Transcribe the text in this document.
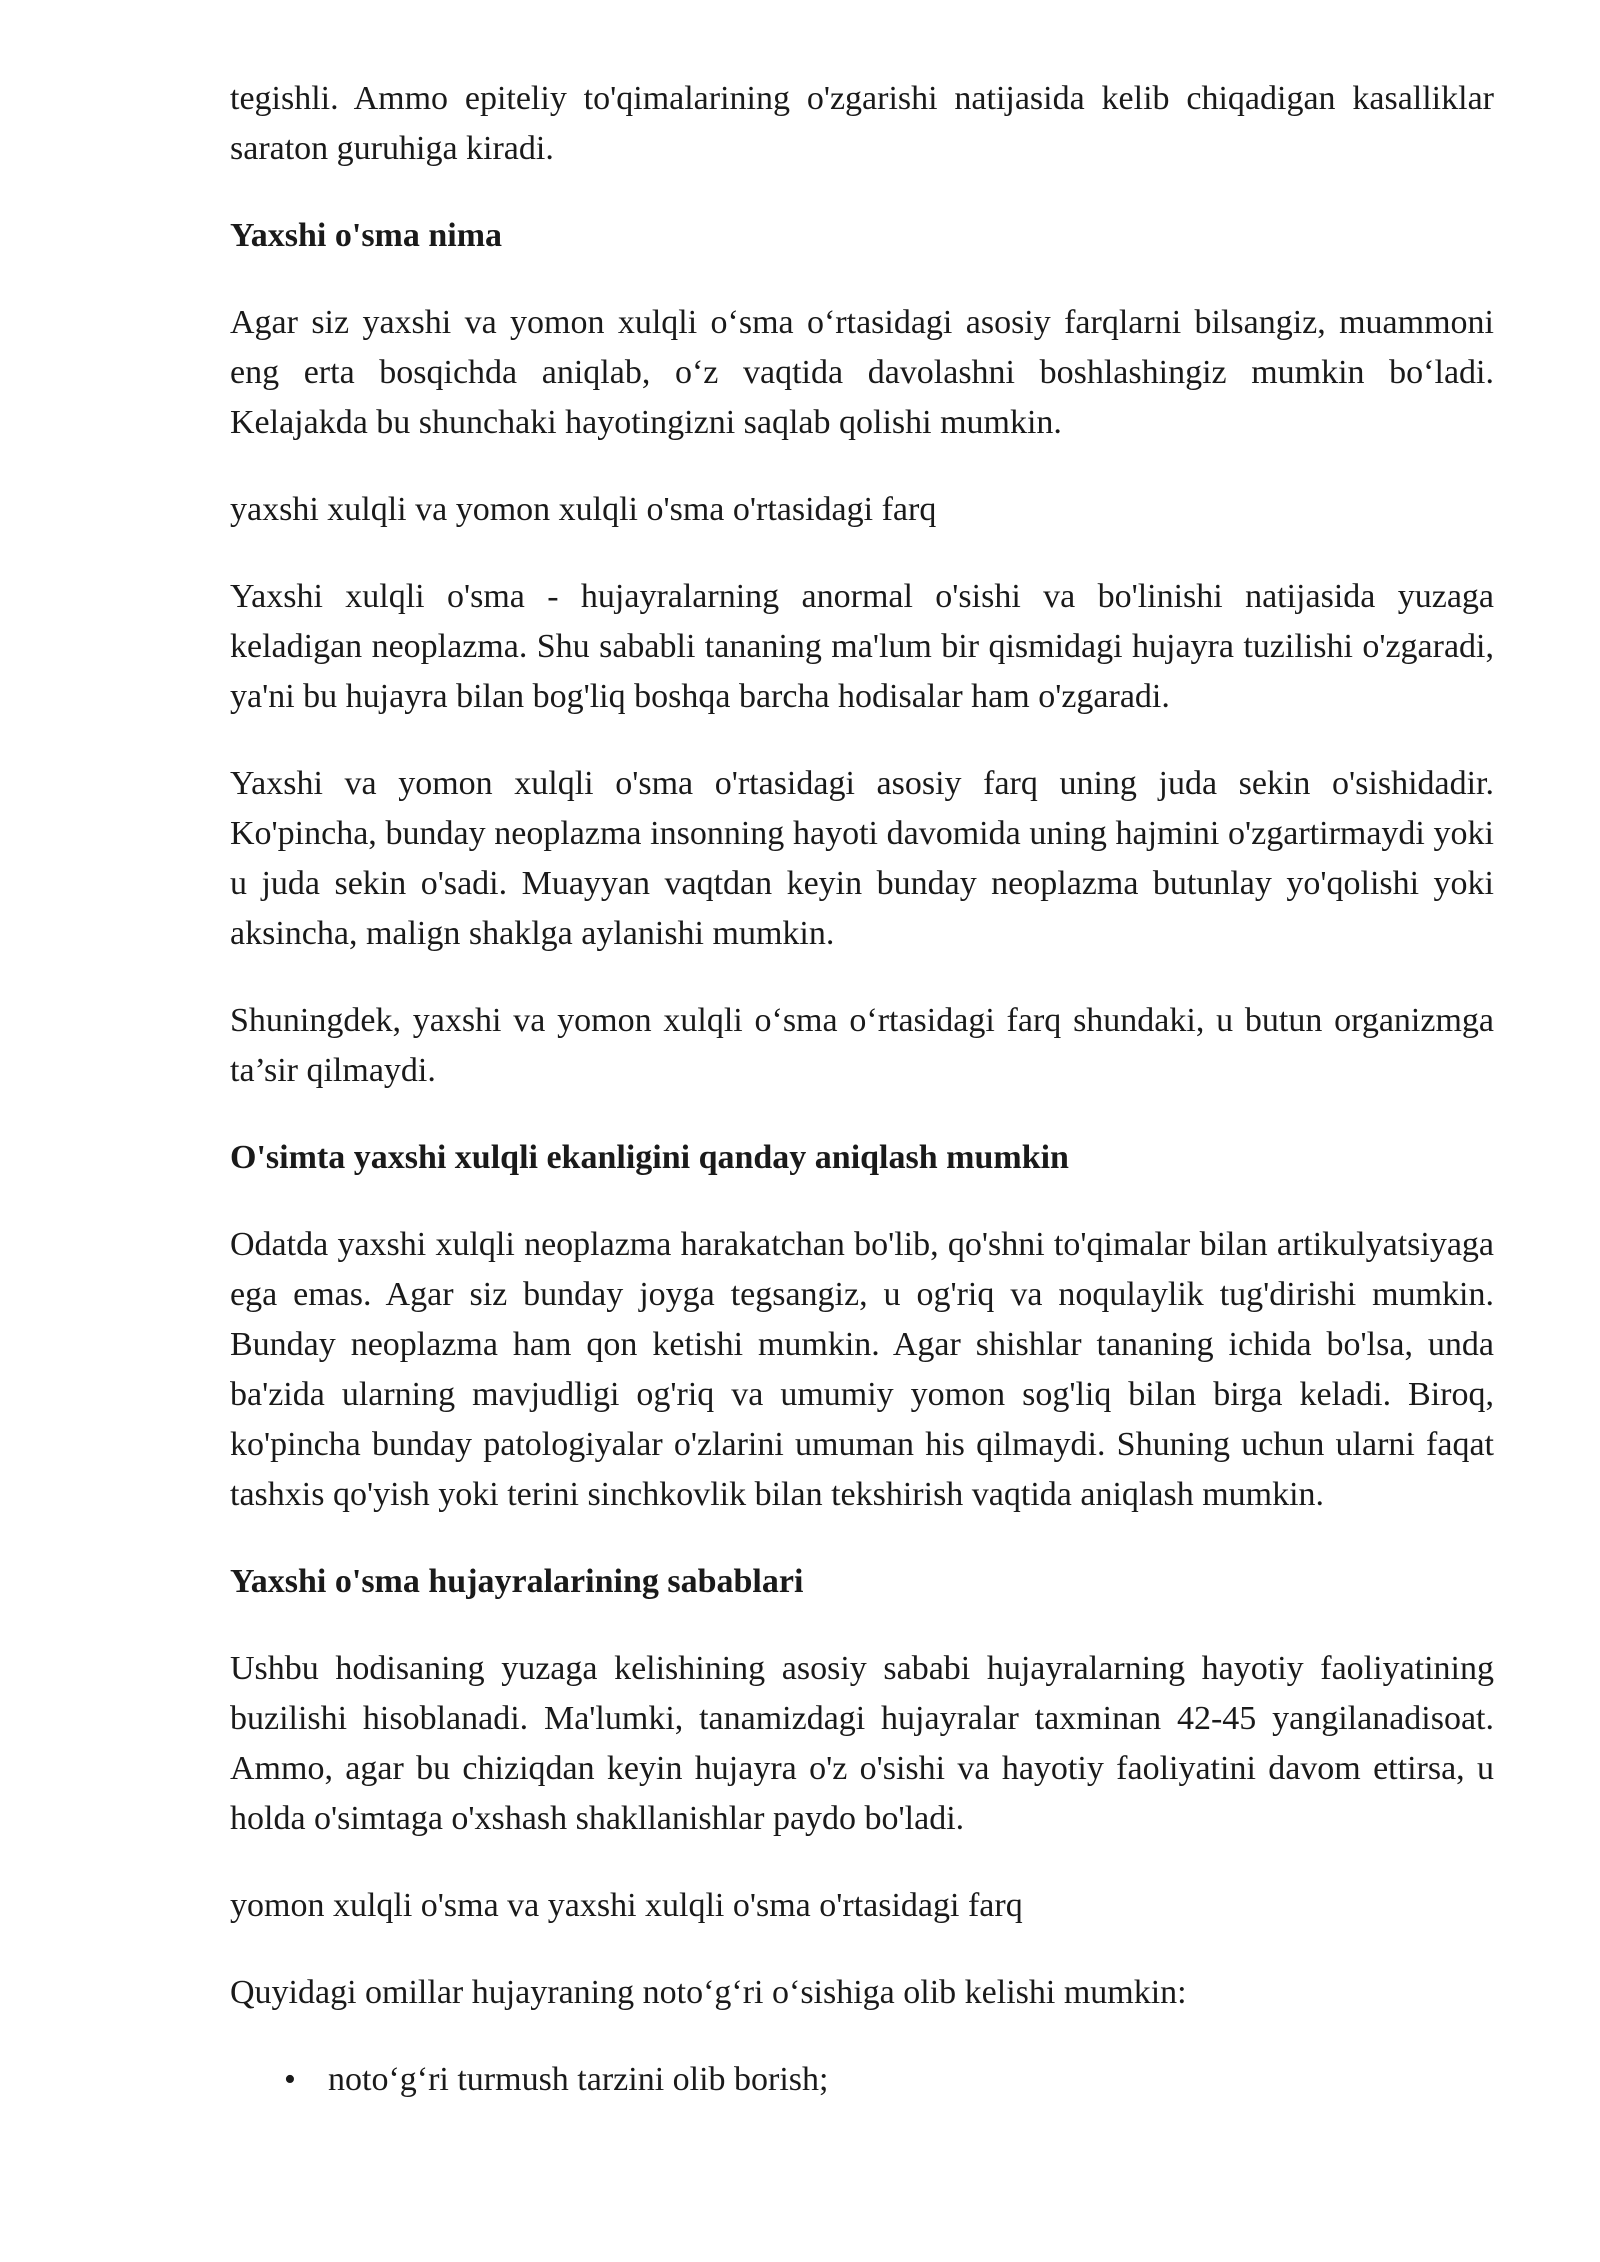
tegishli. Ammo epiteliy to'qimalarining o'zgarishi natijasida kelib chiqadigan kasalliklar saraton guruhiga kiradi.

Yaxshi o'sma nima

Agar siz yaxshi va yomon xulqli o‘sma o‘rtasidagi asosiy farqlarni bilsangiz, muammoni eng erta bosqichda aniqlab, o‘z vaqtida davolashni boshlashingiz mumkin bo‘ladi. Kelajakda bu shunchaki hayotingizni saqlab qolishi mumkin.

yaxshi xulqli va yomon xulqli o'sma o'rtasidagi farq

Yaxshi xulqli o'sma - hujayralarning anormal o'sishi va bo'linishi natijasida yuzaga keladigan neoplazma. Shu sababli tananing ma'lum bir qismidagi hujayra tuzilishi o'zgaradi, ya'ni bu hujayra bilan bog'liq boshqa barcha hodisalar ham o'zgaradi.

Yaxshi va yomon xulqli o'sma o'rtasidagi asosiy farq uning juda sekin o'sishidadir. Ko'pincha, bunday neoplazma insonning hayoti davomida uning hajmini o'zgartirmaydi yoki u juda sekin o'sadi. Muayyan vaqtdan keyin bunday neoplazma butunlay yo'qolishi yoki aksincha, malign shaklga aylanishi mumkin.

Shuningdek, yaxshi va yomon xulqli o‘sma o‘rtasidagi farq shundaki, u butun organizmga ta’sir qilmaydi.

O'simta yaxshi xulqli ekanligini qanday aniqlash mumkin

Odatda yaxshi xulqli neoplazma harakatchan bo'lib, qo'shni to'qimalar bilan artikulyatsiyaga ega emas. Agar siz bunday joyga tegsangiz, u og'riq va noqulaylik tug'dirishi mumkin. Bunday neoplazma ham qon ketishi mumkin. Agar shishlar tananing ichida bo'lsa, unda ba'zida ularning mavjudligi og'riq va umumiy yomon sog'liq bilan birga keladi. Biroq, ko'pincha bunday patologiyalar o'zlarini umuman his qilmaydi. Shuning uchun ularni faqat tashxis qo'yish yoki terini sinchkovlik bilan tekshirish vaqtida aniqlash mumkin.

Yaxshi o'sma hujayralarining sabablari

Ushbu hodisaning yuzaga kelishining asosiy sababi hujayralarning hayotiy faoliyatining buzilishi hisoblanadi. Ma'lumki, tanamizdagi hujayralar taxminan 42-45 yangilanadisoat. Ammo, agar bu chiziqdan keyin hujayra o'z o'sishi va hayotiy faoliyatini davom ettirsa, u holda o'simtaga o'xshash shakllanishlar paydo bo'ladi.

yomon xulqli o'sma va yaxshi xulqli o'sma o'rtasidagi farq

Quyidagi omillar hujayraning noto‘g‘ri o‘sishiga olib kelishi mumkin:

• noto‘g‘ri turmush tarzini olib borish;
